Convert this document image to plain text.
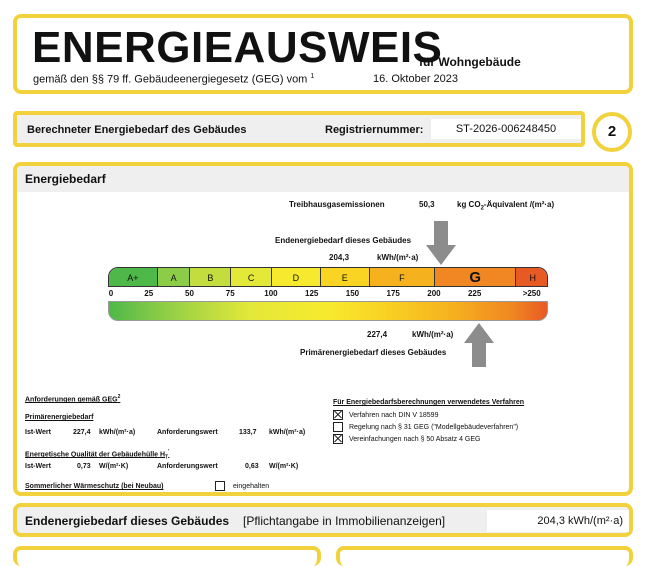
ENERGIEAUSWEIS
für Wohngebäude
gemäß den §§ 79 ff. Gebäudeenergiegesetz (GEG) vom $^1$	16. Oktober 2023
Berechneter Energiebedarf des Gebäudes	Registriernummer:	ST-2026-006248450	2
Energiebedarf
Treibhausgasemissionen	50,3	kg $CO_2$-Äquivalent /(m²·a)
Endenergiebedarf dieses Gebäudes
204,3	kWh/(m²·a)
A+	A	B	C	D	E	F	G	H
0	25	50	75	100	125	150	175	200	225	>250
227,4	kWh/(m²·a)
Primärenergiebedarf dieses Gebäudes
Anforderungen gemäß GEG$^2$
Primärenergiebedarf
Ist-Wert	227,4 kWh/(m²·a)	Anforderungswert	133,7 kWh/(m²·a)
Energetische Qualität der Gebäudehülle $H_T'$
Ist-Wert	0,73 W/(m²·K)	Anforderungswert	0,63 W/(m²·K)
Sommerlicher Wärmeschutz (bei Neubau)	eingehalten
Für Energiebedarfsberechnungen verwendetes Verfahren
Verfahren nach DIN V 18599
Regelung nach § 31 GEG ("Modellgebäudeverfahren")
Vereinfachungen nach § 50 Absatz 4 GEG
Endenergiebedarf dieses Gebäudes [Pflichtangabe in Immobilienanzeigen]	204,3 kWh/(m²·a)
